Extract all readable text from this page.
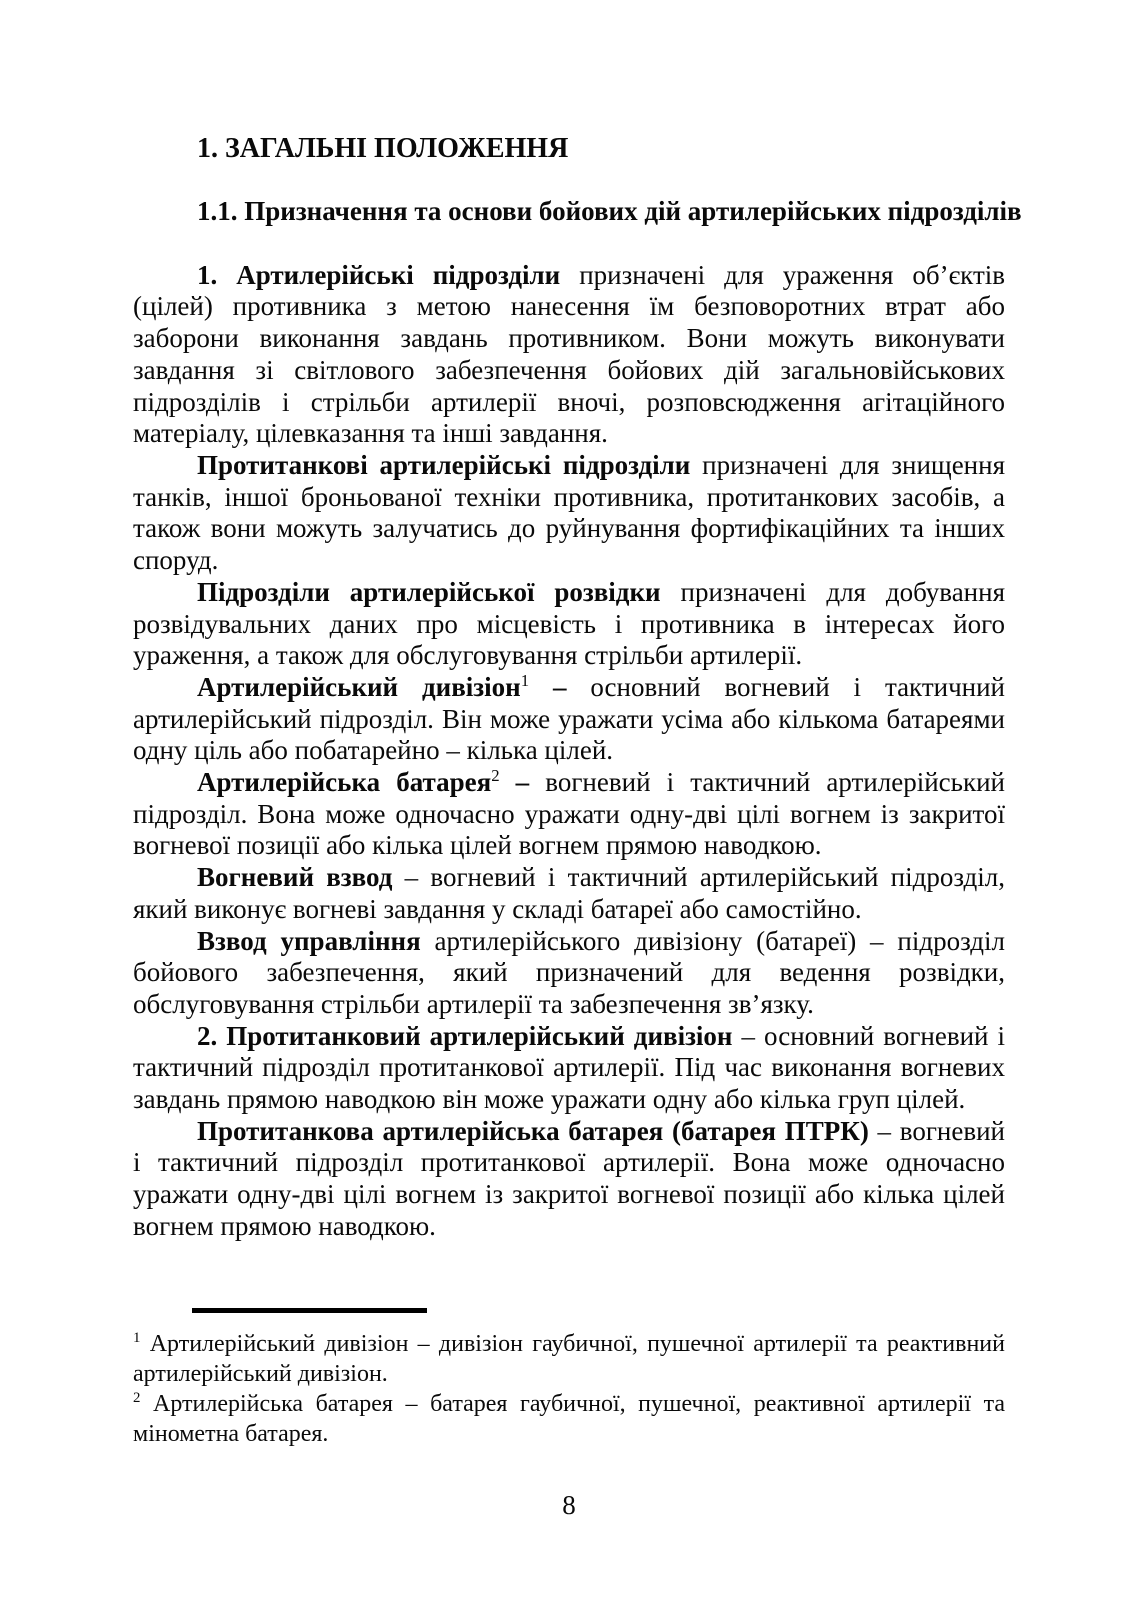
1. ЗАГАЛЬНІ ПОЛОЖЕННЯ
1.1. Призначення та основи бойових дій артилерійських підрозділів

1. Артилерійські підрозділи призначені для ураження об’єктів (цілей) противника з метою нанесення їм безповоротних втрат або заборони виконання завдань противником. Вони можуть виконувати завдання зі світлового забезпечення бойових дій загальновійськових підрозділів і стрільби артилерії вночі, розповсюдження агітаційного матеріалу, цілевказання та інші завдання.

Протитанкові артилерійські підрозділи призначені для знищення танків, іншої броньованої техніки противника, протитанкових засобів, а також вони можуть залучатись до руйнування фортифікаційних та інших споруд.

Підрозділи артилерійської розвідки призначені для добування розвідувальних даних про місцевість і противника в інтересах його ураження, а також для обслуговування стрільби артилерії.

Артилерійський дивізіон$^1$ – основний вогневий і тактичний артилерійський підрозділ. Він може уражати усіма або кількома батареями одну ціль або побатарейно – кілька цілей.

Артилерійська батарея$^2$ – вогневий і тактичний артилерійський підрозділ. Вона може одночасно уражати одну-дві цілі вогнем із закритої вогневої позиції або кілька цілей вогнем прямою наводкою.

Вогневий взвод – вогневий і тактичний артилерійський підрозділ, який виконує вогневі завдання у складі батареї або самостійно.

Взвод управління артилерійського дивізіону (батареї) – підрозділ бойового забезпечення, який призначений для ведення розвідки, обслуговування стрільби артилерії та забезпечення зв’язку.

2. Протитанковий артилерійський дивізіон – основний вогневий і тактичний підрозділ протитанкової артилерії. Під час виконання вогневих завдань прямою наводкою він може уражати одну або кілька груп цілей.

Протитанкова артилерійська батарея (батарея ПТРК) – вогневий і тактичний підрозділ протитанкової артилерії. Вона може одночасно уражати одну-дві цілі вогнем із закритої вогневої позиції або кілька цілей вогнем прямою наводкою.

$^1$ Артилерійський дивізіон – дивізіон гаубичної, пушечної артилерії та реактивний артилерійський дивізіон.

$^2$ Артилерійська батарея – батарея гаубичної, пушечної, реактивної артилерії та мінометна батарея.

8
